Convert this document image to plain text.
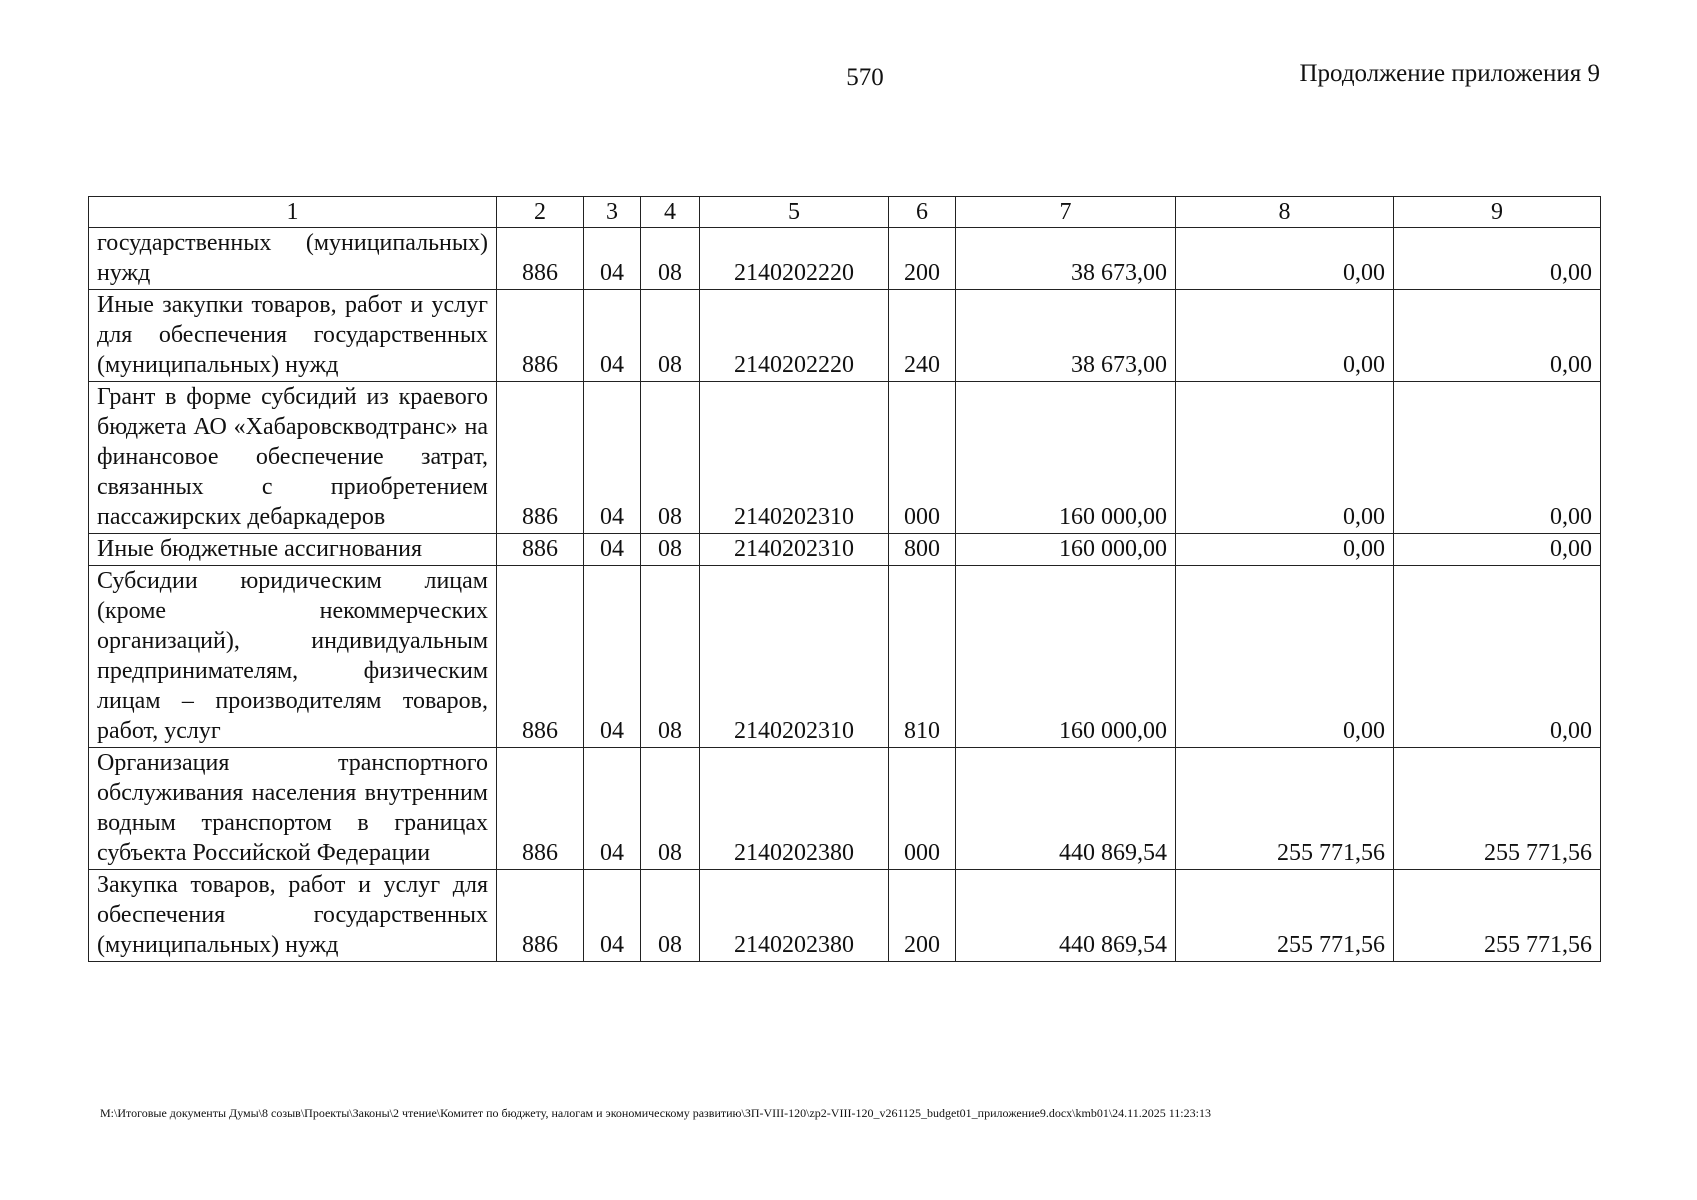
570	Продолжение приложения 9
1	2	3	4	5	6	7	8	9
государственных (муниципальных) нужд	886	04	08	2140202220	200	38 673,00	0,00	0,00
Иные закупки товаров, работ и услуг для обеспечения государственных (муниципальных) нужд	886	04	08	2140202220	240	38 673,00	0,00	0,00
Грант в форме субсидий из краевого бюджета АО «Хабаровскводтранс» на финансовое обеспечение затрат, связанных с приобретением пассажирских дебаркадеров	886	04	08	2140202310	000	160 000,00	0,00	0,00
Иные бюджетные ассигнования	886	04	08	2140202310	800	160 000,00	0,00	0,00
Субсидии юридическим лицам (кроме некоммерческих организаций), индивидуальным предпринимателям, физическим лицам – производителям товаров, работ, услуг	886	04	08	2140202310	810	160 000,00	0,00	0,00
Организация транспортного обслуживания населения внутренним водным транспортом в границах субъекта Российской Федерации	886	04	08	2140202380	000	440 869,54	255 771,56	255 771,56
Закупка товаров, работ и услуг для обеспечения государственных (муниципальных) нужд	886	04	08	2140202380	200	440 869,54	255 771,56	255 771,56
M:\Итоговые документы Думы\8 созыв\Проекты\Законы\2 чтение\Комитет по бюджету, налогам и экономическому развитию\ЗП-VIII-120\zp2-VIII-120_v261125_budget01_приложение9.docx\kmb01\24.11.2025 11:23:13
